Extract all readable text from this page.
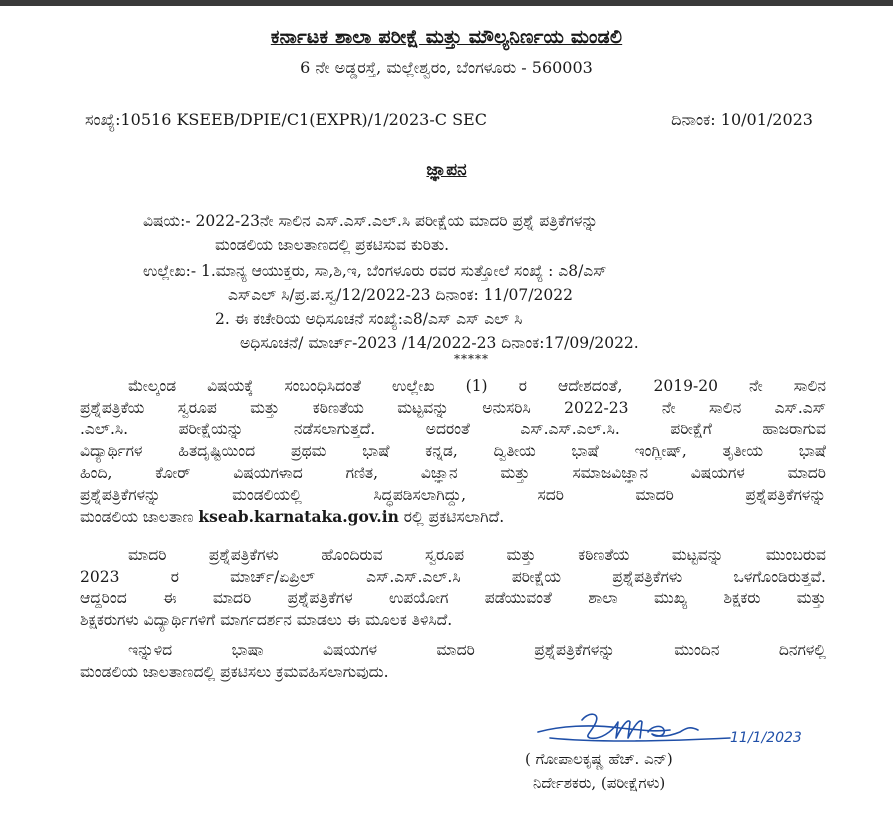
ಕರ್ನಾಟಕ ಶಾಲಾ ಪರೀಕ್ಷೆ ಮತ್ತು ಮೌಲ್ಯನಿರ್ಣಯ ಮಂಡಲಿ
6 ನೇ ಅಡ್ಡರಸ್ತೆ, ಮಲ್ಲೇಶ್ವರಂ, ಬೆಂಗಳೂರು - 560003
ಸಂಖ್ಯೆ:10516 KSEEB/DPIE/C1(EXPR)/1/2023-C SEC	ದಿನಾಂಕ: 10/01/2023
ಜ್ಞಾಪನ
ವಿಷಯ:- 2022-23ನೇ ಸಾಲಿನ ಎಸ್.ಎಸ್.ಎಲ್.ಸಿ ಪರೀಕ್ಷೆಯ ಮಾದರಿ ಪ್ರಶ್ನೆ ಪತ್ರಿಕೆಗಳನ್ನು
ಮಂಡಲಿಯ ಜಾಲತಾಣದಲ್ಲಿ ಪ್ರಕಟಿಸುವ ಕುರಿತು.
ಉಲ್ಲೇಖ:- 1.ಮಾನ್ಯ ಆಯುಕ್ತರು, ಸಾ,ಶಿ,ಇ, ಬೆಂಗಳೂರು ರವರ ಸುತ್ತೋಲೆ ಸಂಖ್ಯೆ : ಎ8/ಎಸ್
ಎಸ್ಎಲ್ ಸಿ/ಪ್ರ.ಪ.ಸ್ವ/12/2022-23 ದಿನಾಂಕ: 11/07/2022
2. ಈ ಕಚೇರಿಯ ಅಧಿಸೂಚನೆ ಸಂಖ್ಯೆ:ಎ8/ಎಸ್ ಎಸ್ ಎಲ್ ಸಿ
ಅಧಿಸೂಚನೆ/ ಮಾರ್ಚ್-2023 /14/2022-23 ದಿನಾಂಕ:17/09/2022.
*****
ಮೇಲ್ಕಂಡ ವಿಷಯಕ್ಕೆ ಸಂಬಂಧಿಸಿದಂತೆ ಉಲ್ಲೇಖ (1) ರ ಆದೇಶದಂತೆ, 2019-20 ನೇ ಸಾಲಿನ
ಪ್ರಶ್ನೆಪತ್ರಿಕೆಯ ಸ್ವರೂಪ ಮತ್ತು ಕಠಿಣತೆಯ ಮಟ್ಟವನ್ನು ಅನುಸರಿಸಿ 2022-23 ನೇ ಸಾಲಿನ ಎಸ್.ಎಸ್
.ಎಲ್.ಸಿ. ಪರೀಕ್ಷೆಯನ್ನು ನಡೆಸಲಾಗುತ್ತದೆ. ಅದರಂತೆ ಎಸ್.ಎಸ್.ಎಲ್.ಸಿ. ಪರೀಕ್ಷೆಗೆ ಹಾಜರಾಗುವ
ವಿದ್ಯಾರ್ಥಿಗಳ ಹಿತದೃಷ್ಟಿಯಿಂದ ಪ್ರಥಮ ಭಾಷೆ ಕನ್ನಡ, ದ್ವಿತೀಯ ಭಾಷೆ ಇಂಗ್ಲೀಷ್, ತೃತೀಯ ಭಾಷೆ
ಹಿಂದಿ, ಕೋರ್ ವಿಷಯಗಳಾದ ಗಣಿತ, ವಿಜ್ಞಾನ ಮತ್ತು ಸಮಾಜವಿಜ್ಞಾನ ವಿಷಯಗಳ ಮಾದರಿ
ಪ್ರಶ್ನೆಪತ್ರಿಕೆಗಳನ್ನು ಮಂಡಲಿಯಲ್ಲಿ ಸಿದ್ಧಪಡಿಸಲಾಗಿದ್ದು, ಸದರಿ ಮಾದರಿ ಪ್ರಶ್ನೆಪತ್ರಿಕೆಗಳನ್ನು
ಮಂಡಲಿಯ ಜಾಲತಾಣ kseab.karnataka.gov.in ರಲ್ಲಿ ಪ್ರಕಟಿಸಲಾಗಿದೆ.
ಮಾದರಿ ಪ್ರಶ್ನೆಪತ್ರಿಕೆಗಳು ಹೊಂದಿರುವ ಸ್ವರೂಪ ಮತ್ತು ಕಠಿಣತೆಯ ಮಟ್ಟವನ್ನು ಮುಂಬರುವ
2023 ರ ಮಾರ್ಚ್/ಏಪ್ರಿಲ್ ಎಸ್.ಎಸ್.ಎಲ್.ಸಿ ಪರೀಕ್ಷೆಯ ಪ್ರಶ್ನೆಪತ್ರಿಕೆಗಳು ಒಳಗೊಂಡಿರುತ್ತವೆ.
ಆದ್ದರಿಂದ ಈ ಮಾದರಿ ಪ್ರಶ್ನೆಪತ್ರಿಕೆಗಳ ಉಪಯೋಗ ಪಡೆಯುವಂತೆ ಶಾಲಾ ಮುಖ್ಯ ಶಿಕ್ಷಕರು ಮತ್ತು
ಶಿಕ್ಷಕರುಗಳು ವಿದ್ಯಾರ್ಥಿಗಳಿಗೆ ಮಾರ್ಗದರ್ಶನ ಮಾಡಲು ಈ ಮೂಲಕ ತಿಳಿಸಿದೆ.
ಇನ್ನುಳಿದ ಭಾಷಾ ವಿಷಯಗಳ ಮಾದರಿ ಪ್ರಶ್ನೆಪತ್ರಿಕೆಗಳನ್ನು ಮುಂದಿನ ದಿನಗಳಲ್ಲಿ
ಮಂಡಲಿಯ ಜಾಲತಾಣದಲ್ಲಿ ಪ್ರಕಟಿಸಲು ಕ್ರಮವಹಿಸಲಾಗುವುದು.
11/1/2023
( ಗೋಪಾಲಕೃಷ್ಣ ಹೆಚ್. ಎನ್)
ನಿರ್ದೇಶಕರು, (ಪರೀಕ್ಷೆಗಳು)
